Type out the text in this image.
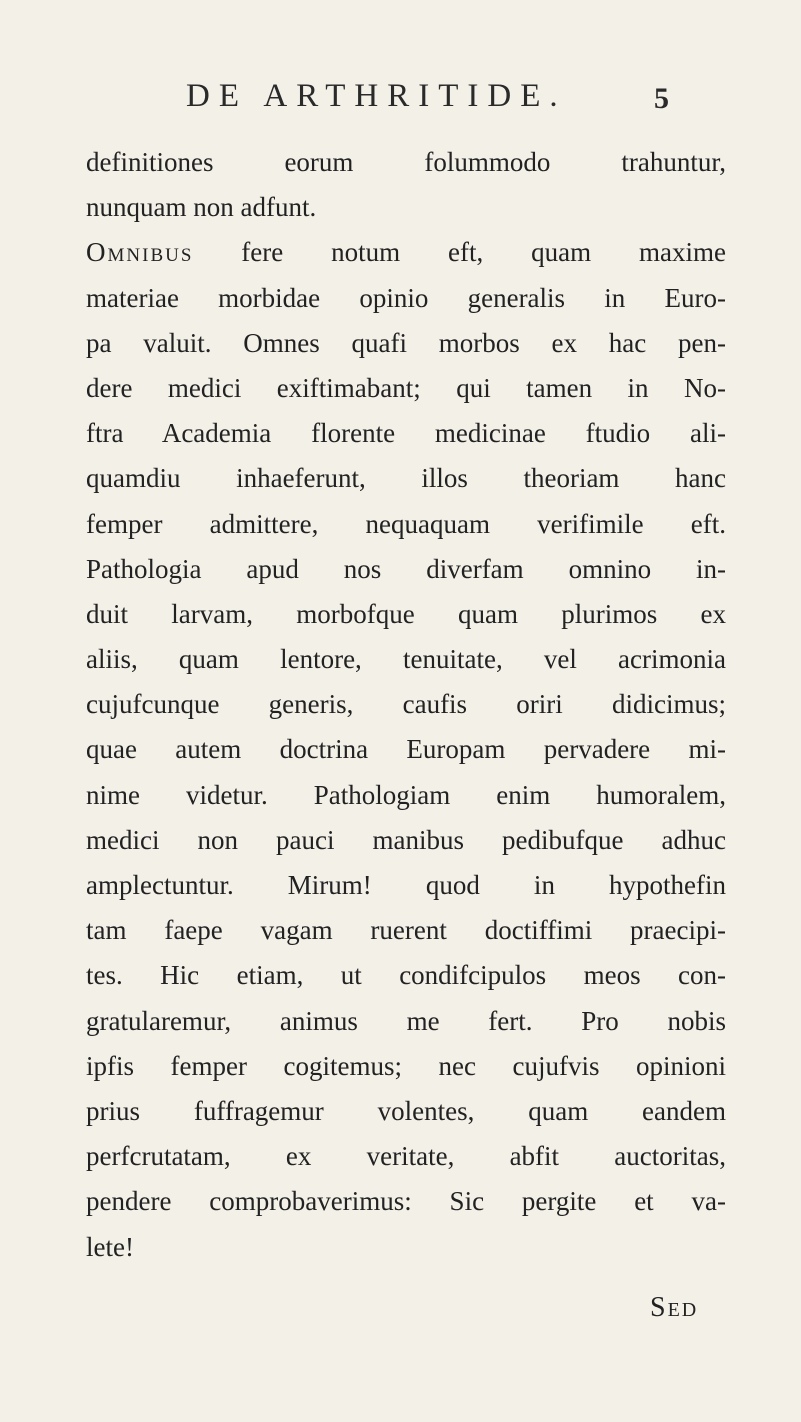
DE ARTHRITIDE.	5
definitiones eorum folummodo trahuntur,
nunquam non adfunt.
Omnibus fere notum eft, quam maxime
materiae morbidae opinio generalis in Euro-
pa valuit. Omnes quafi morbos ex hac pen-
dere medici exiftimabant; qui tamen in No-
ftra Academia florente medicinae ftudio ali-
quamdiu inhaeferunt, illos theoriam hanc
femper admittere, nequaquam verifimile eft.
Pathologia apud nos diverfam omnino in-
duit larvam, morbofque quam plurimos ex
aliis, quam lentore, tenuitate, vel acrimonia
cujufcunque generis, caufis oriri didicimus;
quae autem doctrina Europam pervadere mi-
nime videtur. Pathologiam enim humoralem,
medici non pauci manibus pedibufque adhuc
amplectuntur. Mirum! quod in hypothefin
tam faepe vagam ruerent doctiffimi praecipi-
tes. Hic etiam, ut condifcipulos meos con-
gratularemur, animus me fert. Pro nobis
ipfis femper cogitemus; nec cujufvis opinioni
prius fuffragemur volentes, quam eandem
perfcrutatam, ex veritate, abfit auctoritas,
pendere comprobaverimus: Sic pergite et va-
lete!
Sed
